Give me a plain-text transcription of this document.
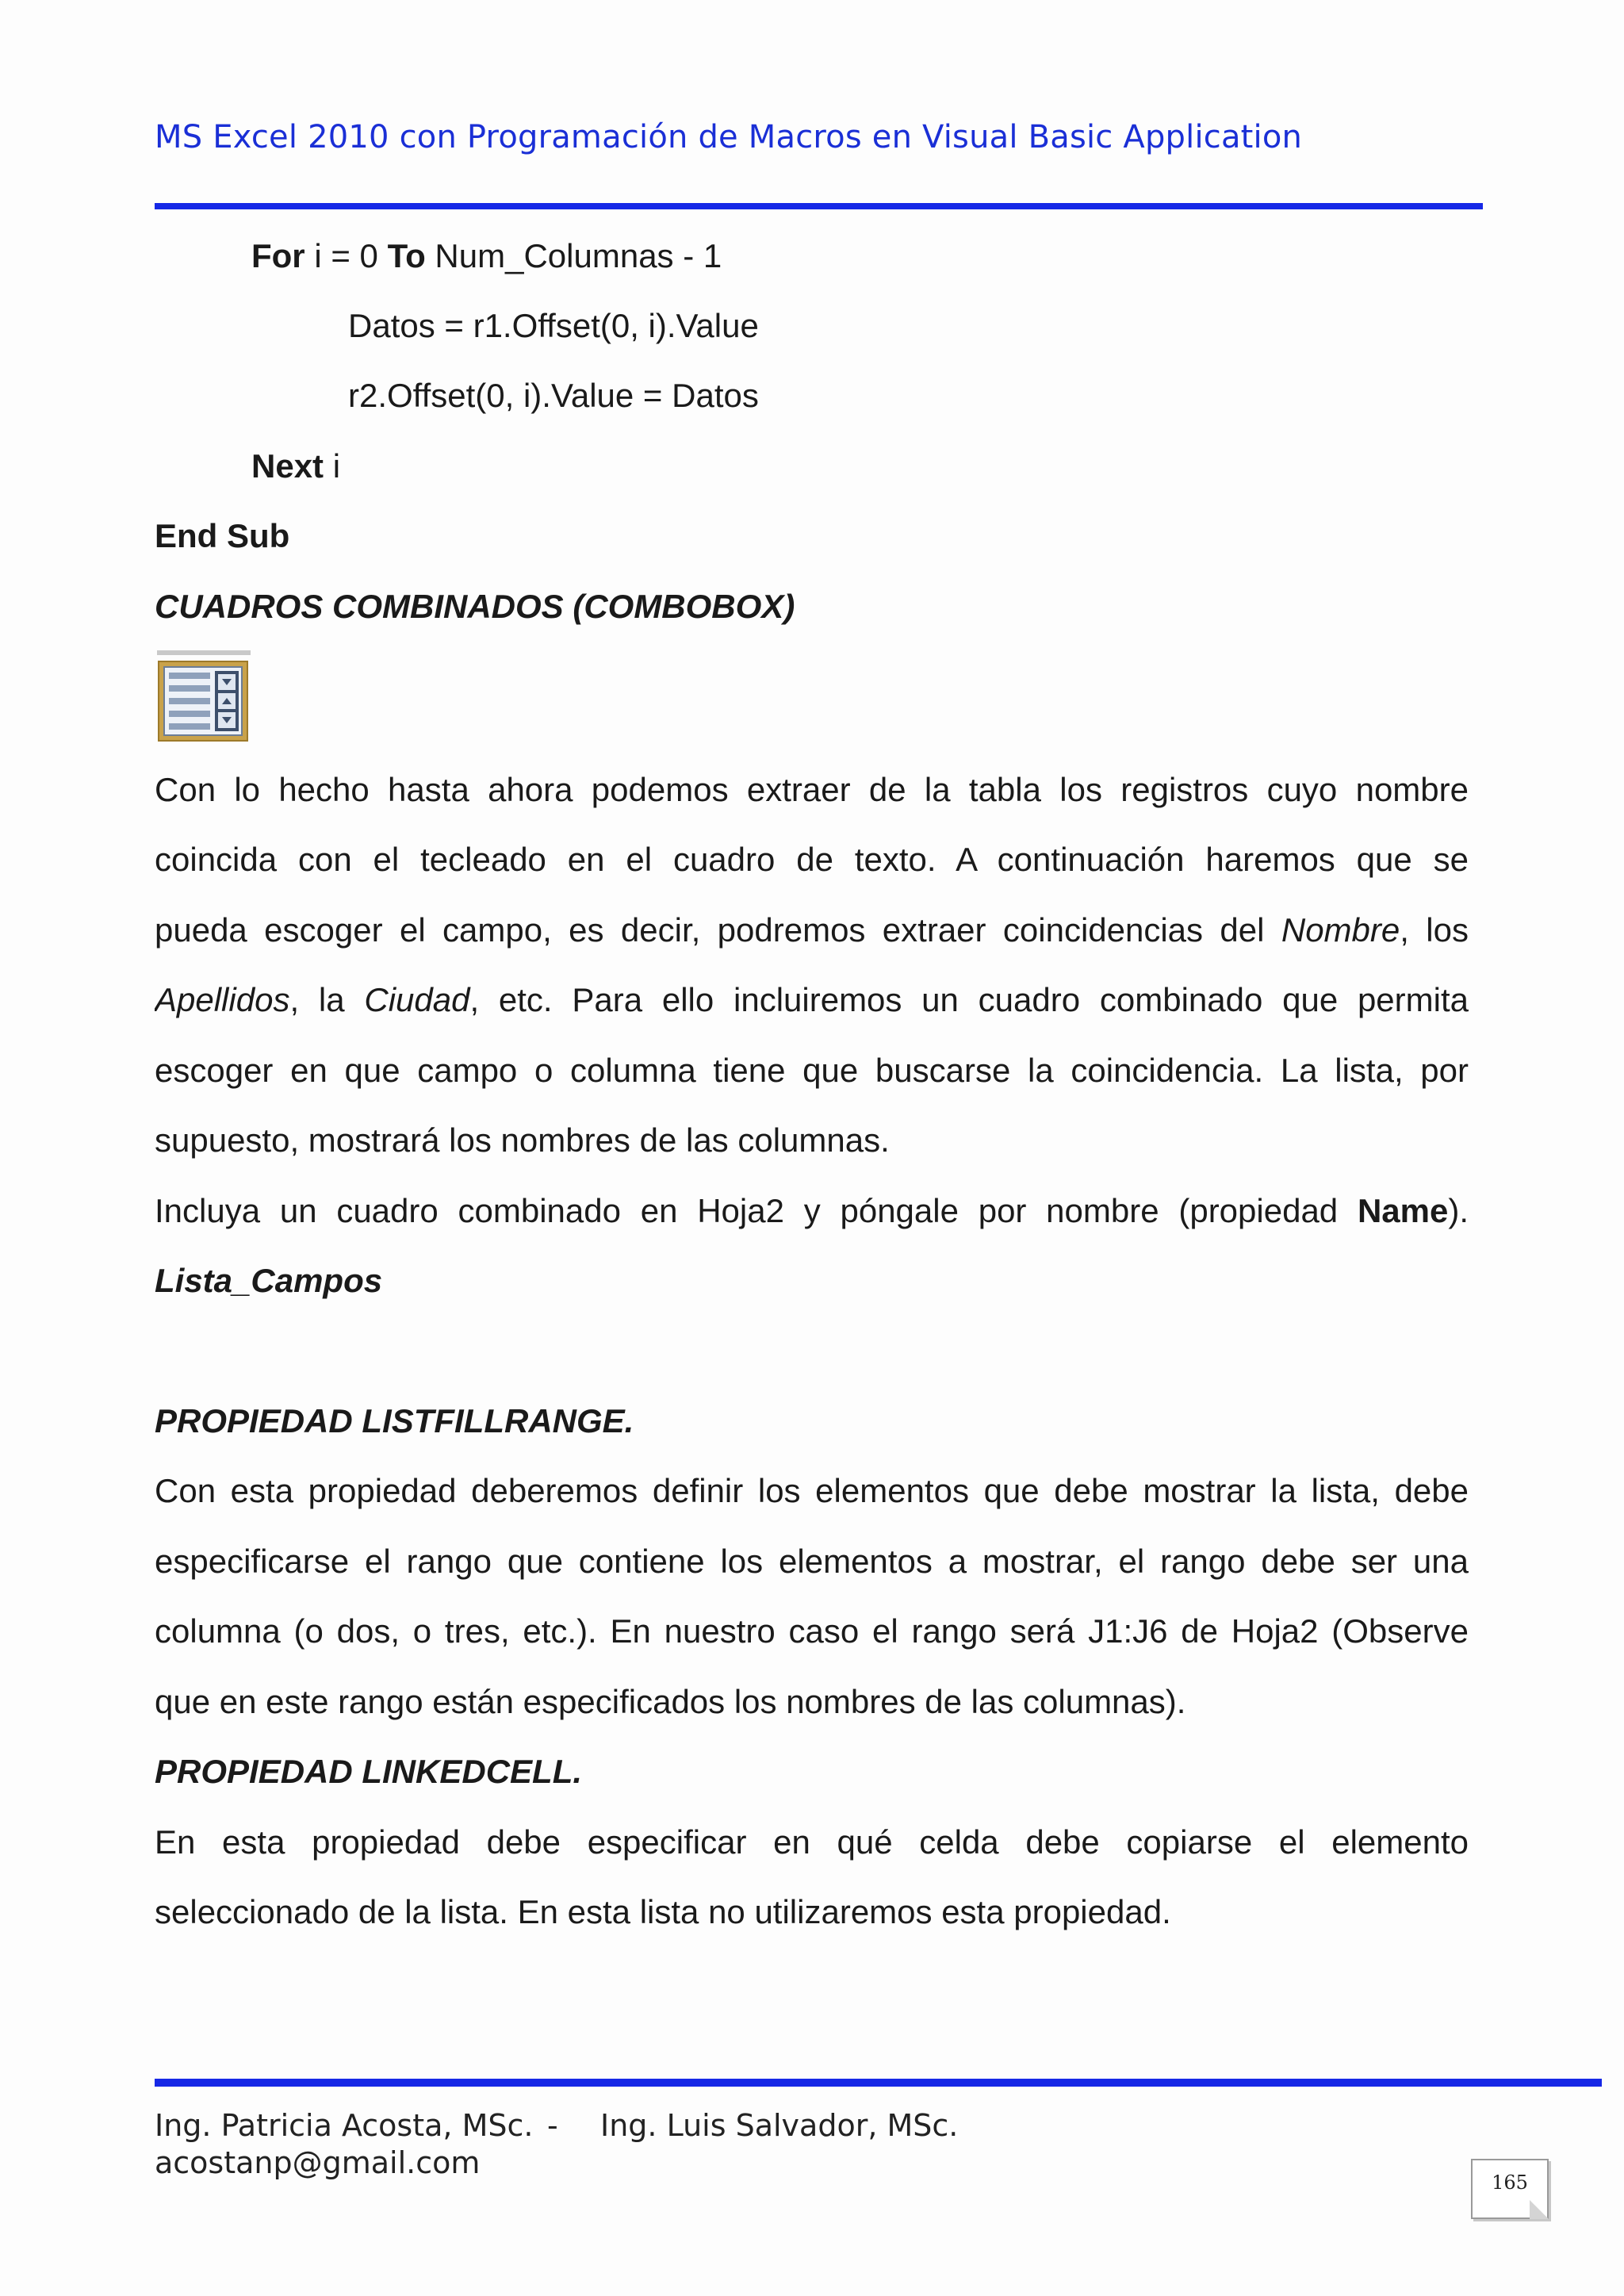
MS Excel 2010 con Programación de Macros en Visual Basic Application
For i = 0 To Num_Columnas - 1
Datos = r1.Offset(0, i).Value
r2.Offset(0, i).Value = Datos
Next i
End Sub
CUADROS COMBINADOS (COMBOBOX)
Con lo hecho hasta ahora podemos extraer de la tabla los registros cuyo nombre
coincida con el tecleado en el cuadro de texto. A continuación haremos que se
pueda escoger el campo, es decir, podremos extraer coincidencias del Nombre, los
Apellidos, la Ciudad, etc. Para ello incluiremos un cuadro combinado que permita
escoger en que campo o columna tiene que buscarse la coincidencia. La lista, por
supuesto, mostrará los nombres de las columnas.
Incluya un cuadro combinado en Hoja2 y póngale por nombre (propiedad Name).
Lista_Campos
PROPIEDAD LISTFILLRANGE.
Con esta propiedad deberemos definir los elementos que debe mostrar la lista, debe
especificarse el rango que contiene los elementos a mostrar, el rango debe ser una
columna (o dos, o tres, etc.). En nuestro caso el rango será J1:J6 de Hoja2 (Observe
que en este rango están especificados los nombres de las columnas).
PROPIEDAD LINKEDCELL.
En esta propiedad debe especificar en qué celda debe copiarse el elemento
seleccionado de la lista. En esta lista no utilizaremos esta propiedad.
Ing. Patricia Acosta, MSc. - Ing. Luis Salvador, MSc.
acostanp@gmail.com
165
